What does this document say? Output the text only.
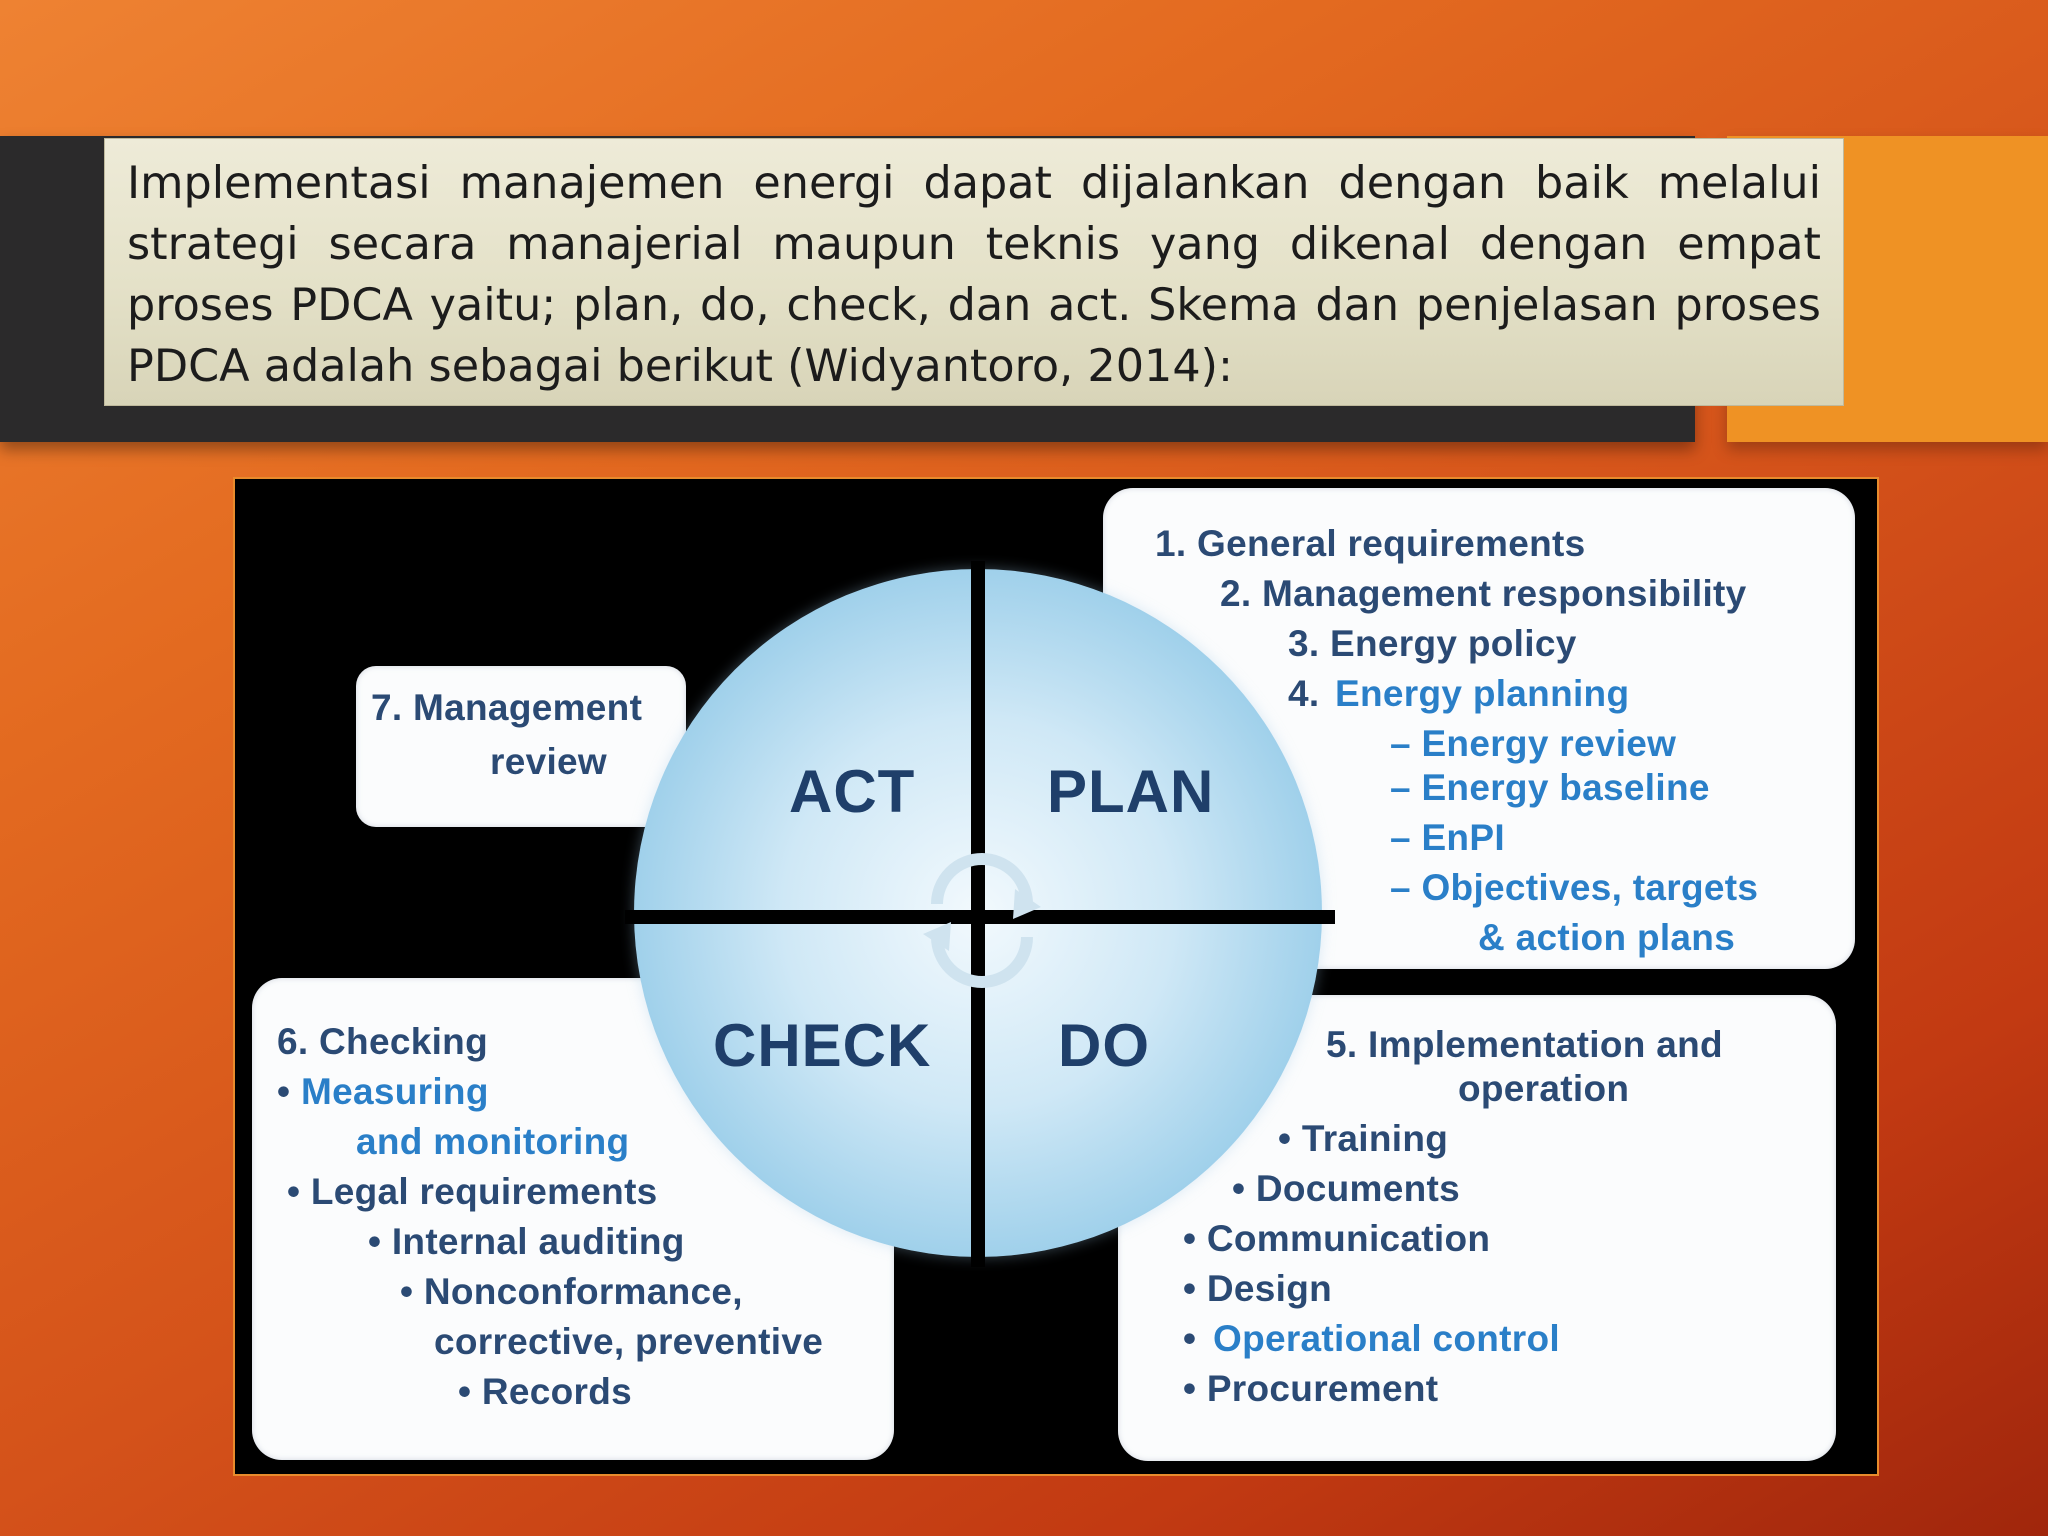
Implementasi manajemen energi dapat dijalankan dengan baik melalui strategi secara manajerial maupun teknis yang dikenal dengan empat proses PDCA yaitu; plan, do, check, dan act. Skema dan penjelasan proses PDCA adalah sebagai berikut (Widyantoro, 2014):

ACT PLAN
CHECK DO
1. General requirements
2. Management responsibility
3. Energy policy
4. Energy planning
– Energy review
– Energy baseline
– EnPI
– Objectives, targets
& action plans
7. Management
review
6. Checking
• Measuring
and monitoring
• Legal requirements
• Internal auditing
• Nonconformance,
corrective, preventive
• Records
5. Implementation and
operation
• Training
• Documents
• Communication
• Design
• Operational control
• Procurement
